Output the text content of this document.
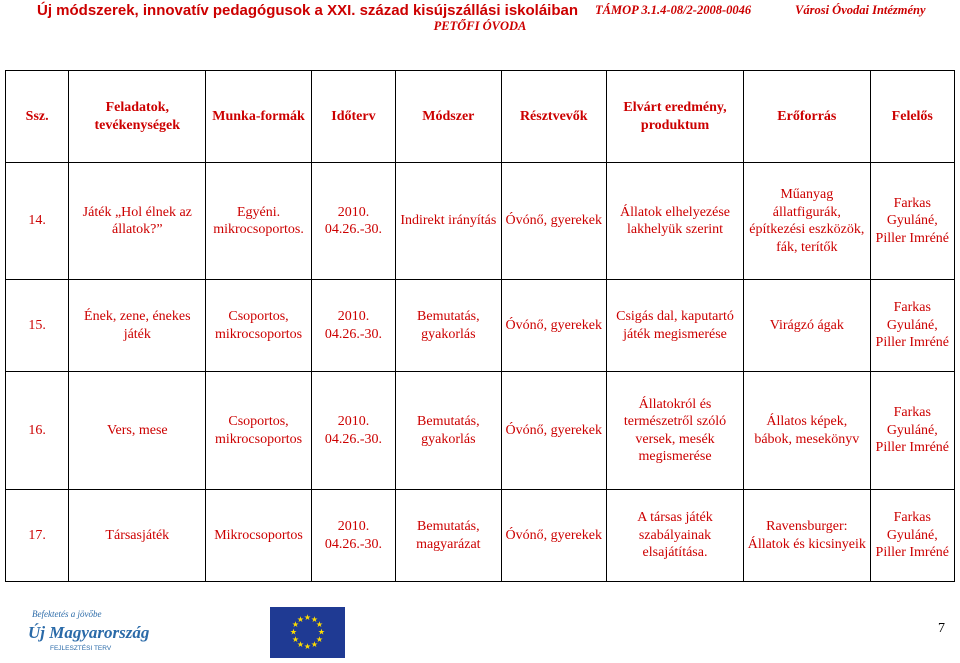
Új módszerek, innovatív pedagógusok a XXI. század kisújszállási iskoláiban TÁMOP 3.1.4-08/2-2008-0046	Városi Óvodai Intézmény
PETŐFI ÓVODA
Ssz.	Feladatok, tevékenységek	Munka-formák	Időterv	Módszer	Résztvevők	Elvárt eredmény, produktum	Erőforrás	Felelős
14.	Játék „Hol élnek az állatok?”	Egyéni. mikrocsoportos.	2010. 04.26.-30.	Indirekt irányítás	Óvónő, gyerekek	Állatok elhelyezése lakhelyük szerint	Műanyag állatfigurák, építkezési eszközök, fák, terítők	Farkas Gyuláné, Piller Imréné
15.	Ének, zene, énekes játék	Csoportos, mikrocsoportos	2010. 04.26.-30.	Bemutatás, gyakorlás	Óvónő, gyerekek	Csigás dal, kaputartó játék megismerése	Virágzó ágak	Farkas Gyuláné, Piller Imréné
16.	Vers, mese	Csoportos, mikrocsoportos	2010. 04.26.-30.	Bemutatás, gyakorlás	Óvónő, gyerekek	Állatokról és természetről szóló versek, mesék megismerése	Állatos képek, bábok, mesekönyv	Farkas Gyuláné, Piller Imréné
17.	Társasjáték	Mikrocsoportos	2010. 04.26.-30.	Bemutatás, magyarázat	Óvónő, gyerekek	A társas játék szabályainak elsajátítása.	Ravensburger: Állatok és kicsinyeik	Farkas Gyuláné, Piller Imréné
Befektetés a jövőbe
Új Magyarország
FEJLESZTÉSI TERV
★ ★
★
★
★
★
★
★
★
★
★
★
7
